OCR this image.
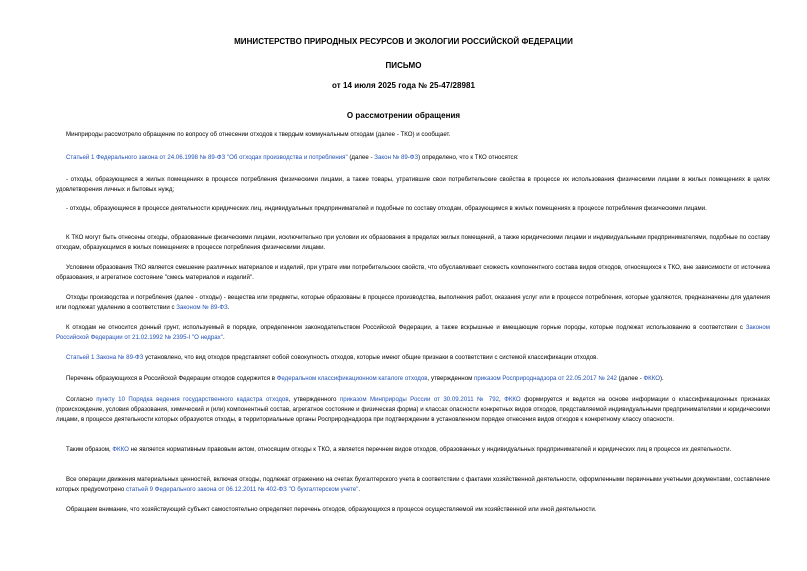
МИНИСТЕРСТВО ПРИРОДНЫХ РЕСУРСОВ И ЭКОЛОГИИ РОССИЙСКОЙ ФЕДЕРАЦИИ
ПИСЬМО
от 14 июля 2025 года № 25-47/28981
О рассмотрении обращения
Минприроды рассмотрело обращение по вопросу об отнесении отходов к твердым коммунальным отходам (далее - ТКО) и сообщает.
Статьей 1 Федерального закона от 24.06.1998 № 89-ФЗ "Об отходах производства и потребления" (далее - Закон № 89-ФЗ) определено, что к ТКО относятся:
- отходы, образующиеся в жилых помещениях в процессе потребления физическими лицами, а также товары, утратившие свои потребительские свойства в процессе их использования физическими лицами в жилых помещениях в целях удовлетворения личных и бытовых нужд;
- отходы, образующиеся в процессе деятельности юридических лиц, индивидуальных предпринимателей и подобные по составу отходам, образующимся в жилых помещениях в процессе потребления физическими лицами.
К ТКО могут быть отнесены отходы, образованные физическими лицами, исключительно при условии их образования в пределах жилых помещений, а также юридическими лицами и индивидуальными предпринимателями, подобные по составу отходам, образующимся в жилых помещениях в процессе потребления физическими лицами.
Условием образования ТКО является смешение различных материалов и изделий, при утрате ими потребительских свойств, что обуславливает схожесть компонентного состава видов отходов, относящихся к ТКО, вне зависимости от источника образования, и агрегатное состояние "смесь материалов и изделий".
Отходы производства и потребления (далее - отходы) - вещества или предметы, которые образованы в процессе производства, выполнения работ, оказания услуг или в процессе потребления, которые удаляются, предназначены для удаления или подлежат удалению в соответствии с Законом № 89-ФЗ.
К отходам не относится донный грунт, используемый в порядке, определенном законодательством Российской Федерации, а также вскрышные и вмещающие горные породы, которые подлежат использованию в соответствии с Законом Российской Федерации от 21.02.1992 № 2395-I "О недрах".
Статьей 1 Закона № 89-ФЗ установлено, что вид отходов представляет собой совокупность отходов, которые имеют общие признаки в соответствии с системой классификации отходов.
Перечень образующихся в Российской Федерации отходов содержится в Федеральном классификационном каталоге отходов, утвержденном приказом Росприроднадзора от 22.05.2017 № 242 (далее - ФККО).
Согласно пункту 10 Порядка ведения государственного кадастра отходов, утвержденного приказом Минприроды России от 30.09.2011 № 792, ФККО формируется и ведется на основе информации о классификационных признаках (происхождение, условия образования, химический и (или) компонентный состав, агрегатное состояние и физическая форма) и классах опасности конкретных видов отходов, представляемой индивидуальными предпринимателями и юридическими лицами, в процессе деятельности которых образуются отходы, в территориальные органы Росприроднадзора при подтверждении в установленном порядке отнесения видов отходов к конкретному классу опасности.
Таким образом, ФККО не является нормативным правовым актом, относящим отходы к ТКО, а является перечнем видов отходов, образованных у индивидуальных предпринимателей и юридических лиц в процессе их деятельности.
Все операции движения материальных ценностей, включая отходы, подлежат отражению на счетах бухгалтерского учета в соответствии с фактами хозяйственной деятельности, оформленными первичными учетными документами, составление которых предусмотрено статьей 9 Федерального закона от 06.12.2011 № 402-ФЗ "О бухгалтерском учете".
Обращаем внимание, что хозяйствующий субъект самостоятельно определяет перечень отходов, образующихся в процессе осуществляемой им хозяйственной или иной деятельности.
